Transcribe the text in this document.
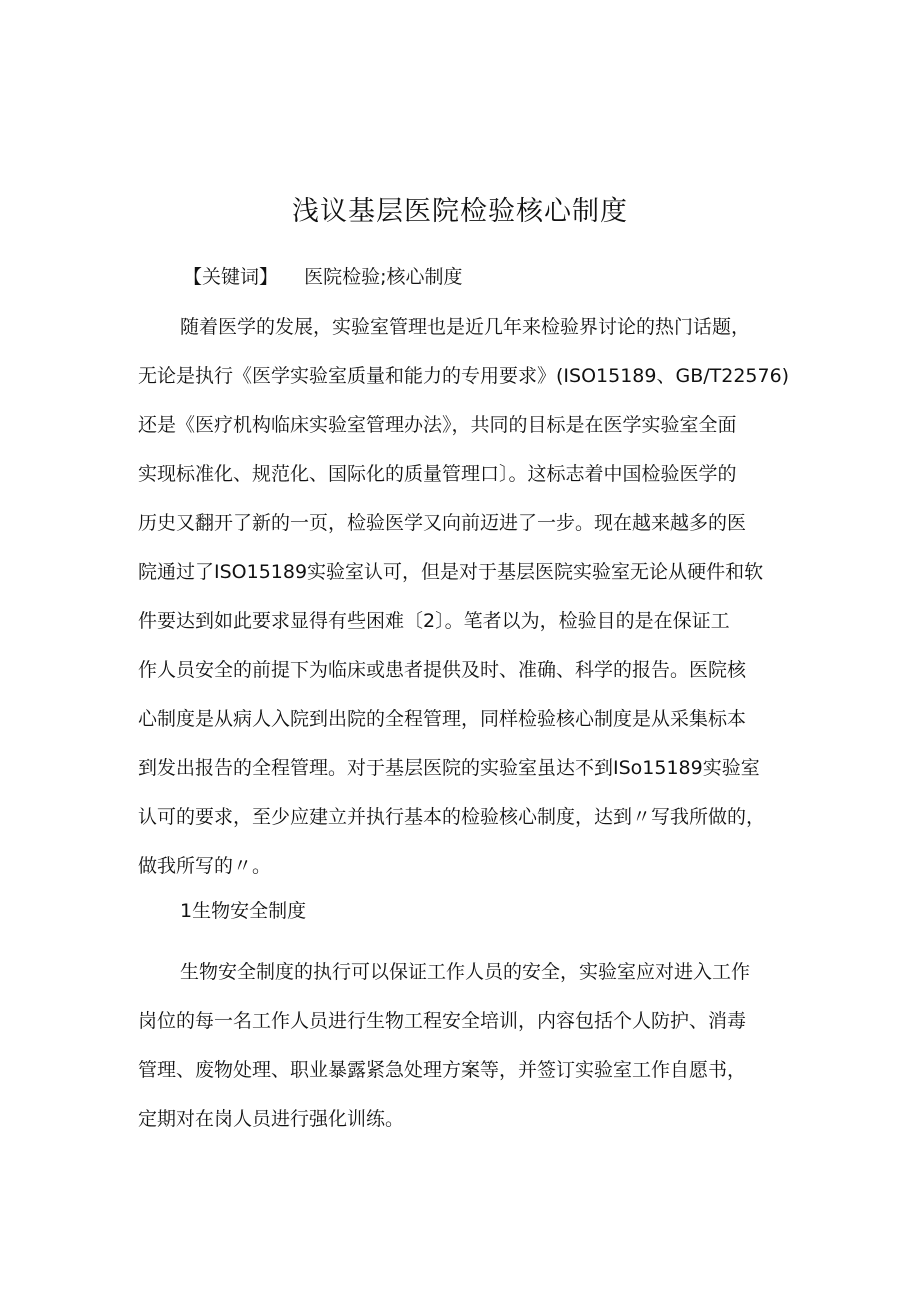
浅议基层医院检验核心制度
【关键词】 医院检验;核心制度
随着医学的发展，实验室管理也是近几年来检验界讨论的热门话题，
无论是执行《医学实验室质量和能力的专用要求》(ISO15189、GB/T22576)
还是《医疗机构临床实验室管理办法》，共同的目标是在医学实验室全面
实现标准化、规范化、国际化的质量管理口〕。这标志着中国检验医学的
历史又翻开了新的一页，检验医学又向前迈进了一步。现在越来越多的医
院通过了ISO15189实验室认可，但是对于基层医院实验室无论从硬件和软
件要达到如此要求显得有些困难〔2〕。笔者以为，检验目的是在保证工
作人员安全的前提下为临床或患者提供及时、准确、科学的报告。医院核
心制度是从病人入院到出院的全程管理，同样检验核心制度是从采集标本
到发出报告的全程管理。对于基层医院的实验室虽达不到ISo15189实验室
认可的要求，至少应建立并执行基本的检验核心制度，达到〃写我所做的，
做我所写的〃。
1生物安全制度
生物安全制度的执行可以保证工作人员的安全，实验室应对进入工作
岗位的每一名工作人员进行生物工程安全培训，内容包括个人防护、消毒
管理、废物处理、职业暴露紧急处理方案等，并签订实验室工作自愿书，
定期对在岗人员进行强化训练。
